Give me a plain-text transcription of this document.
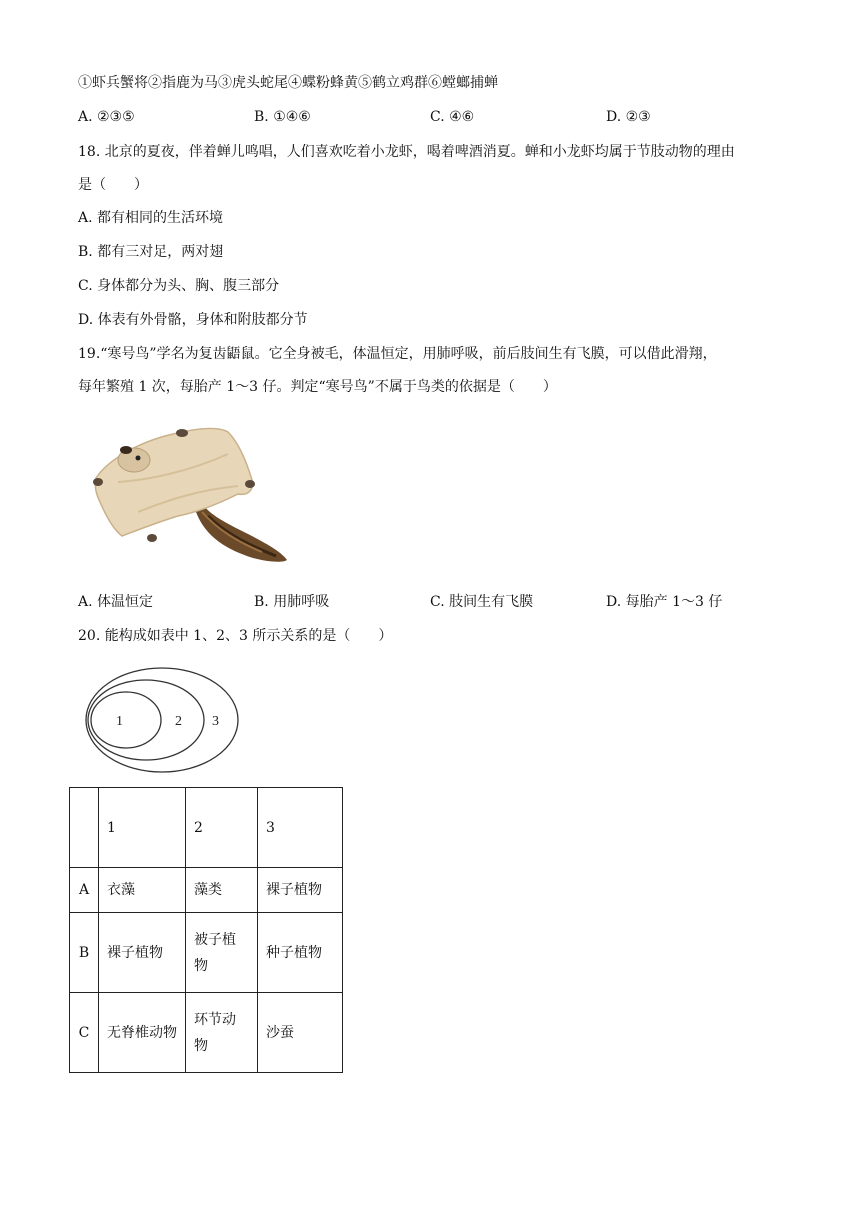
①虾兵蟹将②指鹿为马③虎头蛇尾④蝶粉蜂黄⑤鹤立鸡群⑥螳螂捕蝉
A. ②③⑤	B. ①④⑥	C. ④⑥	D. ②③
18. 北京的夏夜，伴着蝉儿鸣唱，人们喜欢吃着小龙虾，喝着啤酒消夏。蝉和小龙虾均属于节肢动物的理由
是（　　）
A. 都有相同的生活环境
B. 都有三对足，两对翅
C. 身体都分为头、胸、腹三部分
D. 体表有外骨骼，身体和附肢都分节
19.“寒号鸟”学名为复齿鼯鼠。它全身被毛，体温恒定，用肺呼吸，前后肢间生有飞膜，可以借此滑翔，
每年繁殖 1 次，每胎产 1～3 仔。判定“寒号鸟”不属于鸟类的依据是（　　）
A. 体温恒定	B. 用肺呼吸	C. 肢间生有飞膜	D. 每胎产 1～3 仔
20. 能构成如表中 1、2、3 所示关系的是（　　）
1	2 3
	1	2	3
A	衣藻	藻类	裸子植物
B	裸子植物	被子植物	种子植物
C	无脊椎动物	环节动物	沙蚕
